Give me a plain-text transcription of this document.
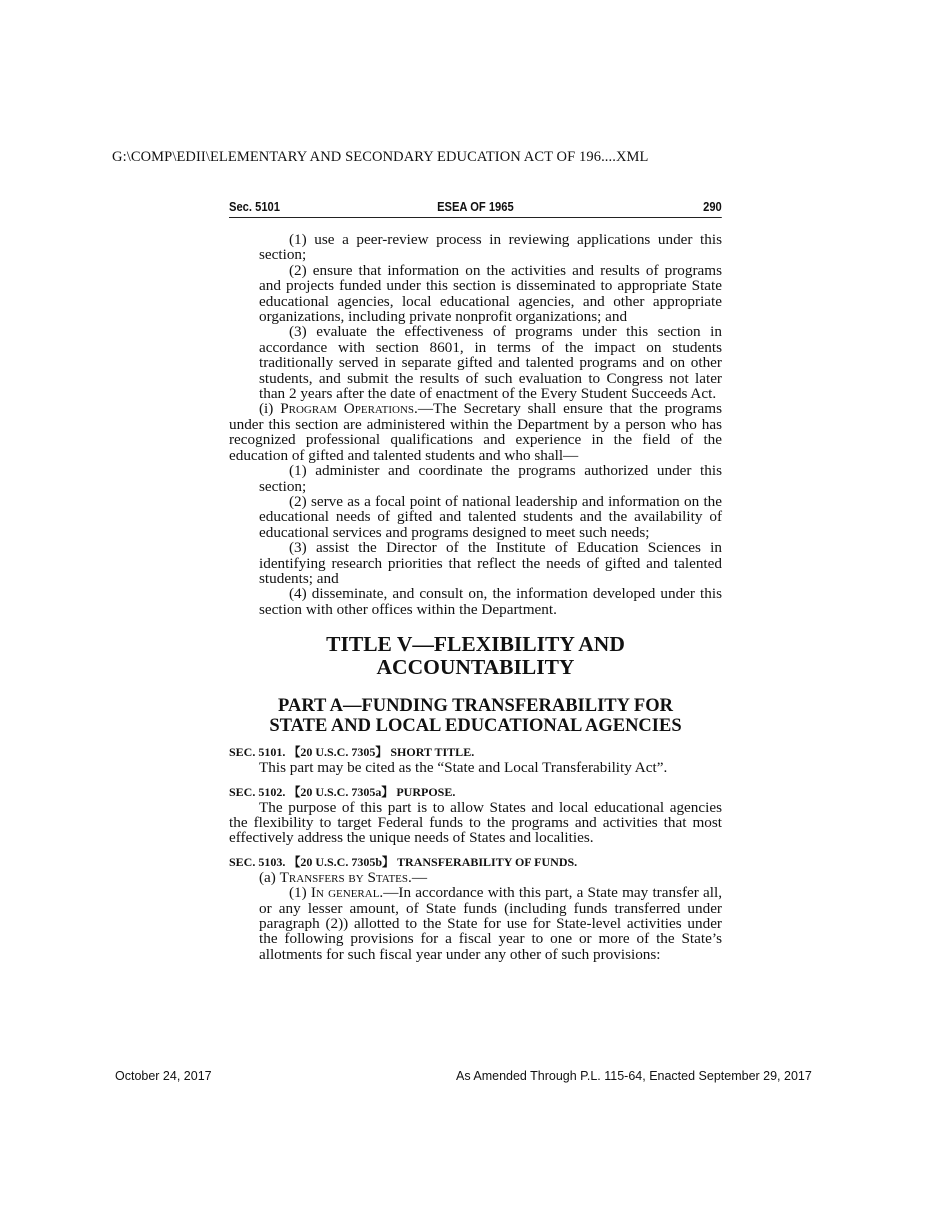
G:\COMP\EDII\ELEMENTARY AND SECONDARY EDUCATION ACT OF 196....XML
Sec. 5101	ESEA OF 1965	290

(1) use a peer-review process in reviewing applications under this section;

(2) ensure that information on the activities and results of programs and projects funded under this section is disseminated to appropriate State educational agencies, local educational agencies, and other appropriate organizations, including private nonprofit organizations; and

(3) evaluate the effectiveness of programs under this section in accordance with section 8601, in terms of the impact on students traditionally served in separate gifted and talented programs and on other students, and submit the results of such evaluation to Congress not later than 2 years after the date of enactment of the Every Student Succeeds Act.

(i) Program Operations.—The Secretary shall ensure that the programs under this section are administered within the Department by a person who has recognized professional qualifications and experience in the field of the education of gifted and talented students and who shall—

(1) administer and coordinate the programs authorized under this section;

(2) serve as a focal point of national leadership and information on the educational needs of gifted and talented students and the availability of educational services and programs designed to meet such needs;

(3) assist the Director of the Institute of Education Sciences in identifying research priorities that reflect the needs of gifted and talented students; and

(4) disseminate, and consult on, the information developed under this section with other offices within the Department.

TITLE V—FLEXIBILITY AND
ACCOUNTABILITY

PART A—FUNDING TRANSFERABILITY FOR
STATE AND LOCAL EDUCATIONAL AGENCIES

SEC. 5101. 【20 U.S.C. 7305】 SHORT TITLE.

This part may be cited as the “State and Local Transferability Act”.

SEC. 5102. 【20 U.S.C. 7305a】 PURPOSE.

The purpose of this part is to allow States and local educational agencies the flexibility to target Federal funds to the programs and activities that most effectively address the unique needs of States and localities.

SEC. 5103. 【20 U.S.C. 7305b】 TRANSFERABILITY OF FUNDS.

(a) Transfers by States.—

(1) In general.—In accordance with this part, a State may transfer all, or any lesser amount, of State funds (including funds transferred under paragraph (2)) allotted to the State for use for State-level activities under the following provisions for a fiscal year to one or more of the State’s allotments for such fiscal year under any other of such provisions:

October 24, 2017	As Amended Through P.L. 115-64, Enacted September 29, 2017
